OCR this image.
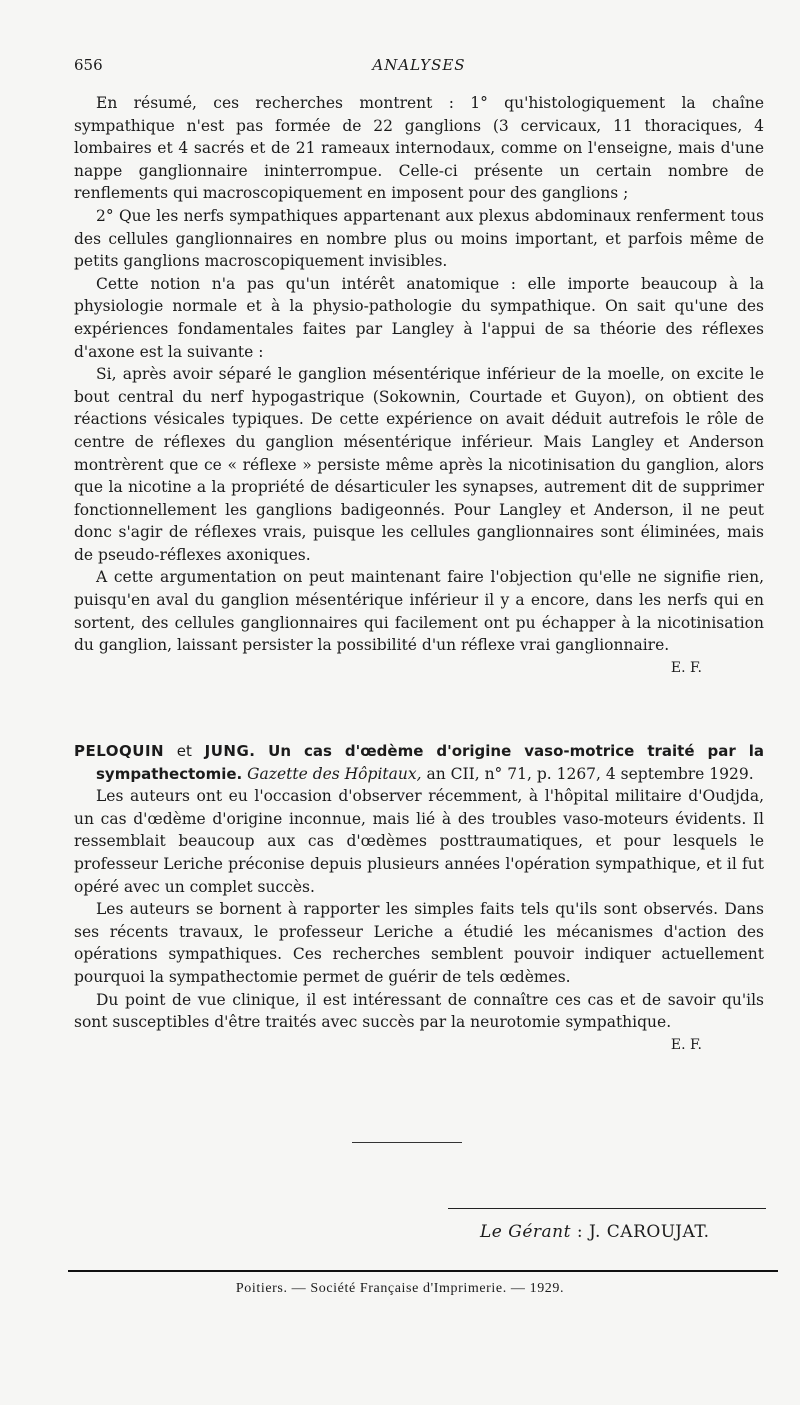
656	ANALYSES

En résumé, ces recherches montrent : 1° qu'histologiquement la chaîne sympathique n'est pas formée de 22 ganglions (3 cervicaux, 11 thoraciques, 4 lombaires et 4 sacrés et de 21 rameaux internodaux, comme on l'enseigne, mais d'une nappe ganglionnaire ininterrompue. Celle-ci présente un certain nombre de renflements qui macroscopiquement en imposent pour des ganglions ;

2° Que les nerfs sympathiques appartenant aux plexus abdominaux renferment tous des cellules ganglionnaires en nombre plus ou moins important, et parfois même de petits ganglions macroscopiquement invisibles.

Cette notion n'a pas qu'un intérêt anatomique : elle importe beaucoup à la physiologie normale et à la physio-pathologie du sympathique. On sait qu'une des expériences fondamentales faites par Langley à l'appui de sa théorie des réflexes d'axone est la suivante :

Si, après avoir séparé le ganglion mésentérique inférieur de la moelle, on excite le bout central du nerf hypogastrique (Sokownin, Courtade et Guyon), on obtient des réactions vésicales typiques. De cette expérience on avait déduit autrefois le rôle de centre de réflexes du ganglion mésentérique inférieur. Mais Langley et Anderson montrèrent que ce « réflexe » persiste même après la nicotinisation du ganglion, alors que la nicotine a la propriété de désarticuler les synapses, autrement dit de supprimer fonctionnellement les ganglions badigeonnés. Pour Langley et Anderson, il ne peut donc s'agir de réflexes vrais, puisque les cellules ganglionnaires sont éliminées, mais de pseudo-réflexes axoniques.

A cette argumentation on peut maintenant faire l'objection qu'elle ne signifie rien, puisqu'en aval du ganglion mésentérique inférieur il y a encore, dans les nerfs qui en sortent, des cellules ganglionnaires qui facilement ont pu échapper à la nicotinisation du ganglion, laissant persister la possibilité d'un réflexe vrai ganglionnaire.

E. F.

PELOQUIN et JUNG. Un cas d'œdème d'origine vaso-motrice traité par la sympathectomie. Gazette des Hôpitaux, an CII, n° 71, p. 1267, 4 septembre 1929.

Les auteurs ont eu l'occasion d'observer récemment, à l'hôpital militaire d'Oudjda, un cas d'œdème d'origine inconnue, mais lié à des troubles vaso-moteurs évidents. Il ressemblait beaucoup aux cas d'œdèmes posttraumatiques, et pour lesquels le professeur Leriche préconise depuis plusieurs années l'opération sympathique, et il fut opéré avec un complet succès.

Les auteurs se bornent à rapporter les simples faits tels qu'ils sont observés. Dans ses récents travaux, le professeur Leriche a étudié les mécanismes d'action des opérations sympathiques. Ces recherches semblent pouvoir indiquer actuellement pourquoi la sympathectomie permet de guérir de tels œdèmes.

Du point de vue clinique, il est intéressant de connaître ces cas et de savoir qu'ils sont susceptibles d'être traités avec succès par la neurotomie sympathique.

E. F.

Le Gérant : J. CAROUJAT.
Poitiers. — Société Française d'Imprimerie. — 1929.
